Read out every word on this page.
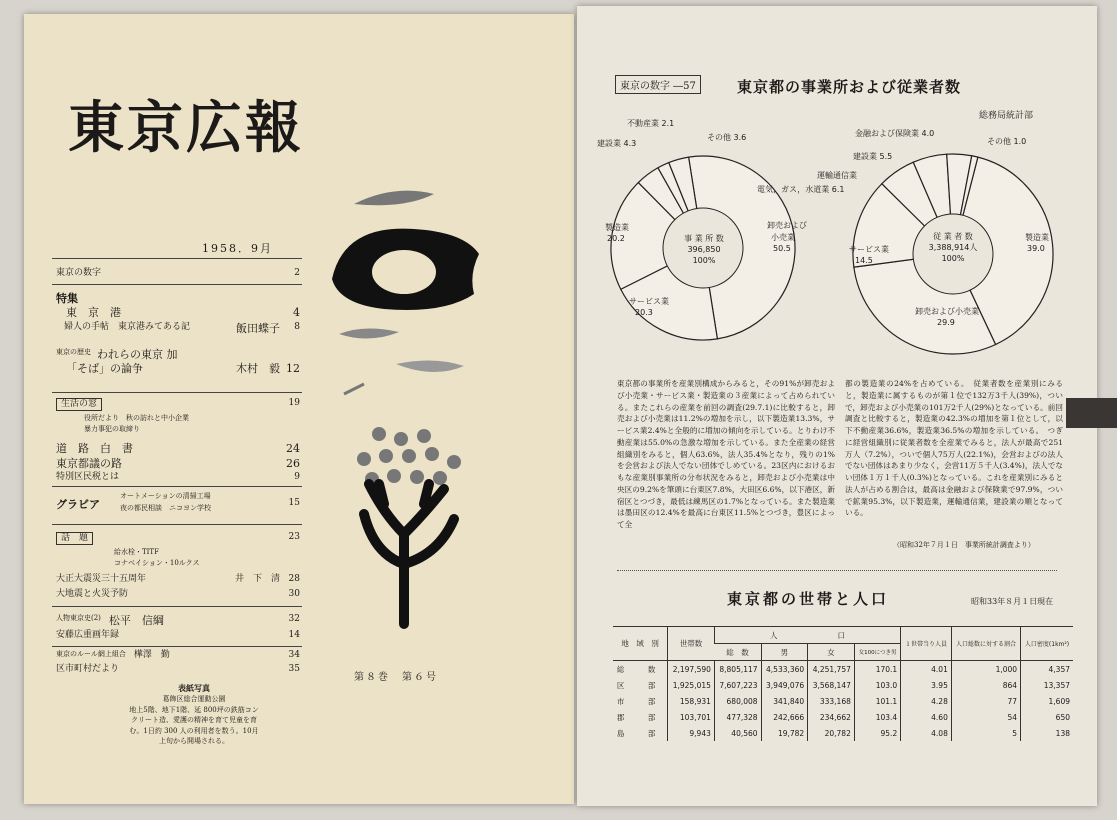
東京広報
1958．9月
東京の数字	2
特集
東　京　港	4
婦人の手帖　東京港みてある記	飯田蝶子	8
東京の歴史 われらの東京 加
「そば」の論争	木村　毅 12
生活の窓	19
役所だより　秋の訪れと中小企業
暴力事犯の取締り
道　路　白　書	24
東京都議の路	26
特別区民税とは	9
グラビア	15
オートメーションの清掃工場
夜の都民相談　ニコヨン学校
話　題	23
給水栓・TITF
コナベイション・10ルクス
大正大震災三十五周年	井　下　清 28
大地震と火災予防	30
人物東京史(2) 松平　信綱	32
安藤広重画年録	14
東京のルール網上組合 樺澤　勤	34
区市町村だより	35
表紙写真
葛飾区総合運動公園
地上5階、地下1階、延 800坪の鉄筋コン
クリート造、愛護の精神を育て児童を育
む。1日約 300 人の利用者を数う。10月
上旬から開場される。
第８巻　第６号
東京の数字 ―57	東京都の事業所および従業者数
総務局統計部
事 業 所 数
396,850
100%
不動産業 2.1
その他 3.6
建設業 4.3
製造業
20.2
卸売および
小売業
50.5
サービス業
20.3
従 業 者 数
3,388,914人
100%
金融および保険業 4.0
その他 1.0
建設業 5.5
運輸通信業
電気，ガス，水道業 6.1
サービス業
14.5
製造業
39.0
卸売および小売業
29.9
東京都の事業所を産業別構成からみると，その91%が卸売および小売業・サービス業・製造業の３産業によって占められている。またこれらの産業を前回の調査(29.7.1)に比較すると，卸売および小売業は11.2%の増加を示し，以下製造業13.3%，サービス業2.4%と全般的に増加の傾向を示している。とりわけ不動産業は55.0%の急激な増加を示している。また全産業の経営組織別をみると，個人63.6%，法人35.4%となり，残りの1%を会営および法人でない団体でしめている。23区内におけるおもな産業別事業所の分布状況をみると，卸売および小売業は中央区の9.2%を筆頭に台東区7.8%，大田区6.6%，以下港区，新宿区とつづき，最低は練馬区の1.7%となっている。また製造業は墨田区の12.4%を最高に台東区11.5%とつづき，豊区によって全
都の製造業の24%を占めている。　従業者数を産業別にみると，製造業に属するものが第１位で132万3千人(39%)，ついで，卸売および小売業の101万2千人(29%)となっている。前回調査と比較すると，製造業の42.3%の増加を第１位として，以下不動産業36.6%，製造業36.5%の増加を示している。　つぎに経営組織別に従業者数を全産業でみると，法人が最高で251万人（7.2%），ついで個人75万人(22.1%)，会営およびの法人でない団体はあまり少なく，会営11万５千人(3.4%)，法人でない団体１万１千人(0.3%)となっている。これを産業別にみると法人が占める割合は，最高は金融および保険業で97.9%，ついで鉱業95.3%，以下製造業，運輸通信業，建設業の順となっている。
（昭和32年７月１日　事業所統計調査より）
東京都の世帯と人口	昭和33年８月１日現在
地　域　別	世帯数	人　　　　　　　　口				１世帯当り人員	人口総数に対する割合	人口密度(1km²)
		総　数	男	女	女100につき男			
総　数	2,197,590	8,805,117	4,533,360	4,251,757	170.1	4.01	1,000	4,357
区　部	1,925,015	7,607,223	3,949,076	3,568,147	103.0	3.95	864	13,357
市　部	158,931	680,008	341,840	333,168	101.1	4.28	77	1,609
郡　部	103,701	477,328	242,666	234,662	103.4	4.60	54	650
島　部	9,943	40,560	19,782	20,782	95.2	4.08	5	138
